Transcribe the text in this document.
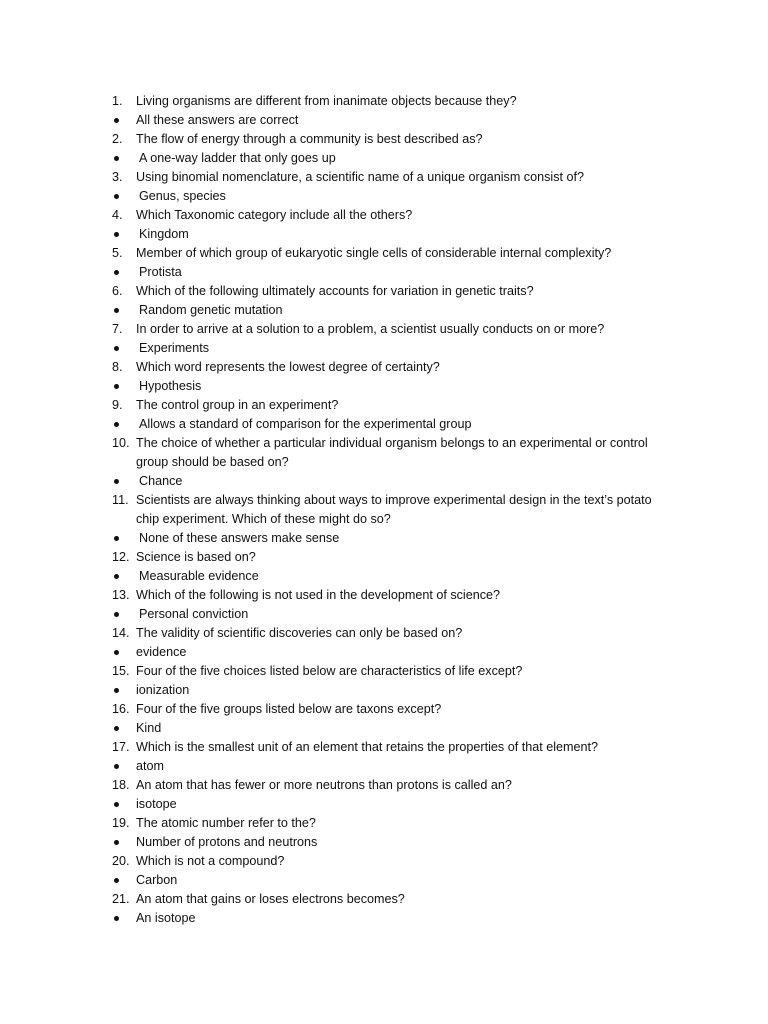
1.	Living organisms are different from inanimate objects because they?
All these answers are correct
2.	The flow of energy through a community is best described as?
A one-way ladder that only goes up
3.	Using binomial nomenclature, a scientific name of a unique organism consist of?
Genus, species
4.	Which Taxonomic category include all the others?
Kingdom
5.	Member of which group of eukaryotic single cells of considerable internal complexity?
Protista
6.	Which of the following ultimately accounts for variation in genetic traits?
Random genetic mutation
7.	In order to arrive at a solution to a problem, a scientist usually conducts on or more?
Experiments
8.	Which word represents the lowest degree of certainty?
Hypothesis
9.	The control group in an experiment?
Allows a standard of comparison for the experimental group
10. The choice of whether a particular individual organism belongs to an experimental or control group should be based on?
Chance
11. Scientists are always thinking about ways to improve experimental design in the text’s potato chip experiment. Which of these might do so?
None of these answers make sense
12. Science is based on?
Measurable evidence
13. Which of the following is not used in the development of science?
Personal conviction
14. The validity of scientific discoveries can only be based on?
evidence
15. Four of the five choices listed below are characteristics of life except?
ionization
16. Four of the five groups listed below are taxons except?
Kind
17. Which is the smallest unit of an element that retains the properties of that element?
atom
18. An atom that has fewer or more neutrons than protons is called an?
isotope
19. The atomic number refer to the?
Number of protons and neutrons
20. Which is not a compound?
Carbon
21. An atom that gains or loses electrons becomes?
An isotope
